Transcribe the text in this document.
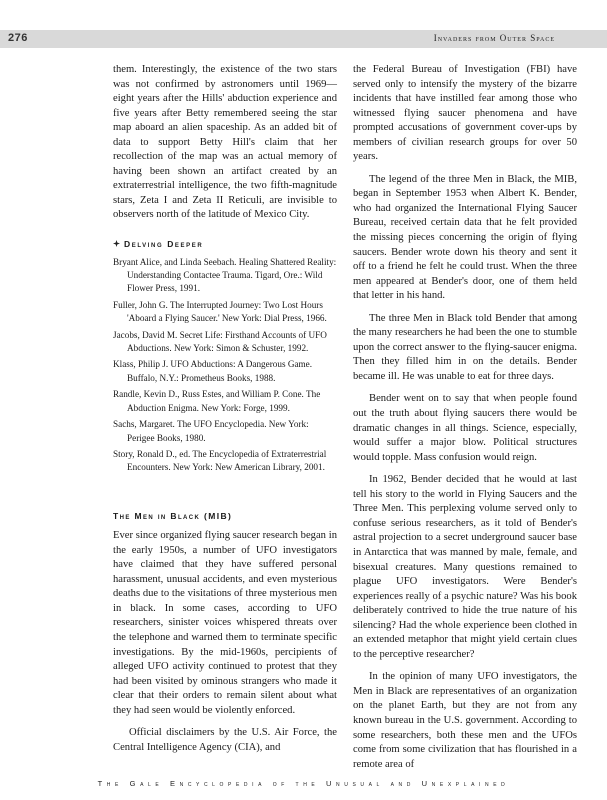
276	Invaders from Outer Space

them. Interestingly, the existence of the two stars was not confirmed by astronomers until 1969—eight years after the Hills' abduction experience and five years after Betty remembered seeing the star map aboard an alien spaceship. As an added bit of data to support Betty Hill's claim that her recollection of the map was an actual memory of having been shown an artifact created by an extraterrestrial intelligence, the two fifth-magnitude stars, Zeta I and Zeta II Reticuli, are invisible to observers north of the latitude of Mexico City.

Delving Deeper

Bryant Alice, and Linda Seebach. Healing Shattered Reality: Understanding Contactee Trauma. Tigard, Ore.: Wild Flower Press, 1991.
Fuller, John G. The Interrupted Journey: Two Lost Hours 'Aboard a Flying Saucer.' New York: Dial Press, 1966.
Jacobs, David M. Secret Life: Firsthand Accounts of UFO Abductions. New York: Simon & Schuster, 1992.
Klass, Philip J. UFO Abductions: A Dangerous Game. Buffalo, N.Y.: Prometheus Books, 1988.
Randle, Kevin D., Russ Estes, and William P. Cone. The Abduction Enigma. New York: Forge, 1999.
Sachs, Margaret. The UFO Encyclopedia. New York: Perigee Books, 1980.
Story, Ronald D., ed. The Encyclopedia of Extraterrestrial Encounters. New York: New American Library, 2001.

The Men in Black (MIB)

Ever since organized flying saucer research began in the early 1950s, a number of UFO investigators have claimed that they have suffered personal harassment, unusual accidents, and even mysterious deaths due to the visitations of three mysterious men in black. In some cases, according to UFO researchers, sinister voices whispered threats over the telephone and warned them to terminate specific investigations. By the mid-1960s, percipients of alleged UFO activity continued to protest that they had been visited by ominous strangers who made it clear that their orders to remain silent about what they had seen would be violently enforced.

Official disclaimers by the U.S. Air Force, the Central Intelligence Agency (CIA), and

the Federal Bureau of Investigation (FBI) have served only to intensify the mystery of the bizarre incidents that have instilled fear among those who witnessed flying saucer phenomena and have prompted accusations of government cover-ups by members of civilian research groups for over 50 years.

The legend of the three Men in Black, the MIB, began in September 1953 when Albert K. Bender, who had organized the International Flying Saucer Bureau, received certain data that he felt provided the missing pieces concerning the origin of flying saucers. Bender wrote down his theory and sent it off to a friend he felt he could trust. When the three men appeared at Bender's door, one of them held that letter in his hand.

The three Men in Black told Bender that among the many researchers he had been the one to stumble upon the correct answer to the flying-saucer enigma. Then they filled him in on the details. Bender became ill. He was unable to eat for three days.

Bender went on to say that when people found out the truth about flying saucers there would be dramatic changes in all things. Science, especially, would suffer a major blow. Political structures would topple. Mass confusion would reign.

In 1962, Bender decided that he would at last tell his story to the world in Flying Saucers and the Three Men. This perplexing volume served only to confuse serious researchers, as it told of Bender's astral projection to a secret underground saucer base in Antarctica that was manned by male, female, and bisexual creatures. Many questions remained to plague UFO investigators. Were Bender's experiences really of a psychic nature? Was his book deliberately contrived to hide the true nature of his silencing? Had the whole experience been clothed in an extended metaphor that might yield certain clues to the perceptive researcher?

In the opinion of many UFO investigators, the Men in Black are representatives of an organization on the planet Earth, but they are not from any known bureau in the U.S. government. According to some researchers, both these men and the UFOs come from some civilization that has flourished in a remote area of

The Gale Encyclopedia of the Unusual and Unexplained
